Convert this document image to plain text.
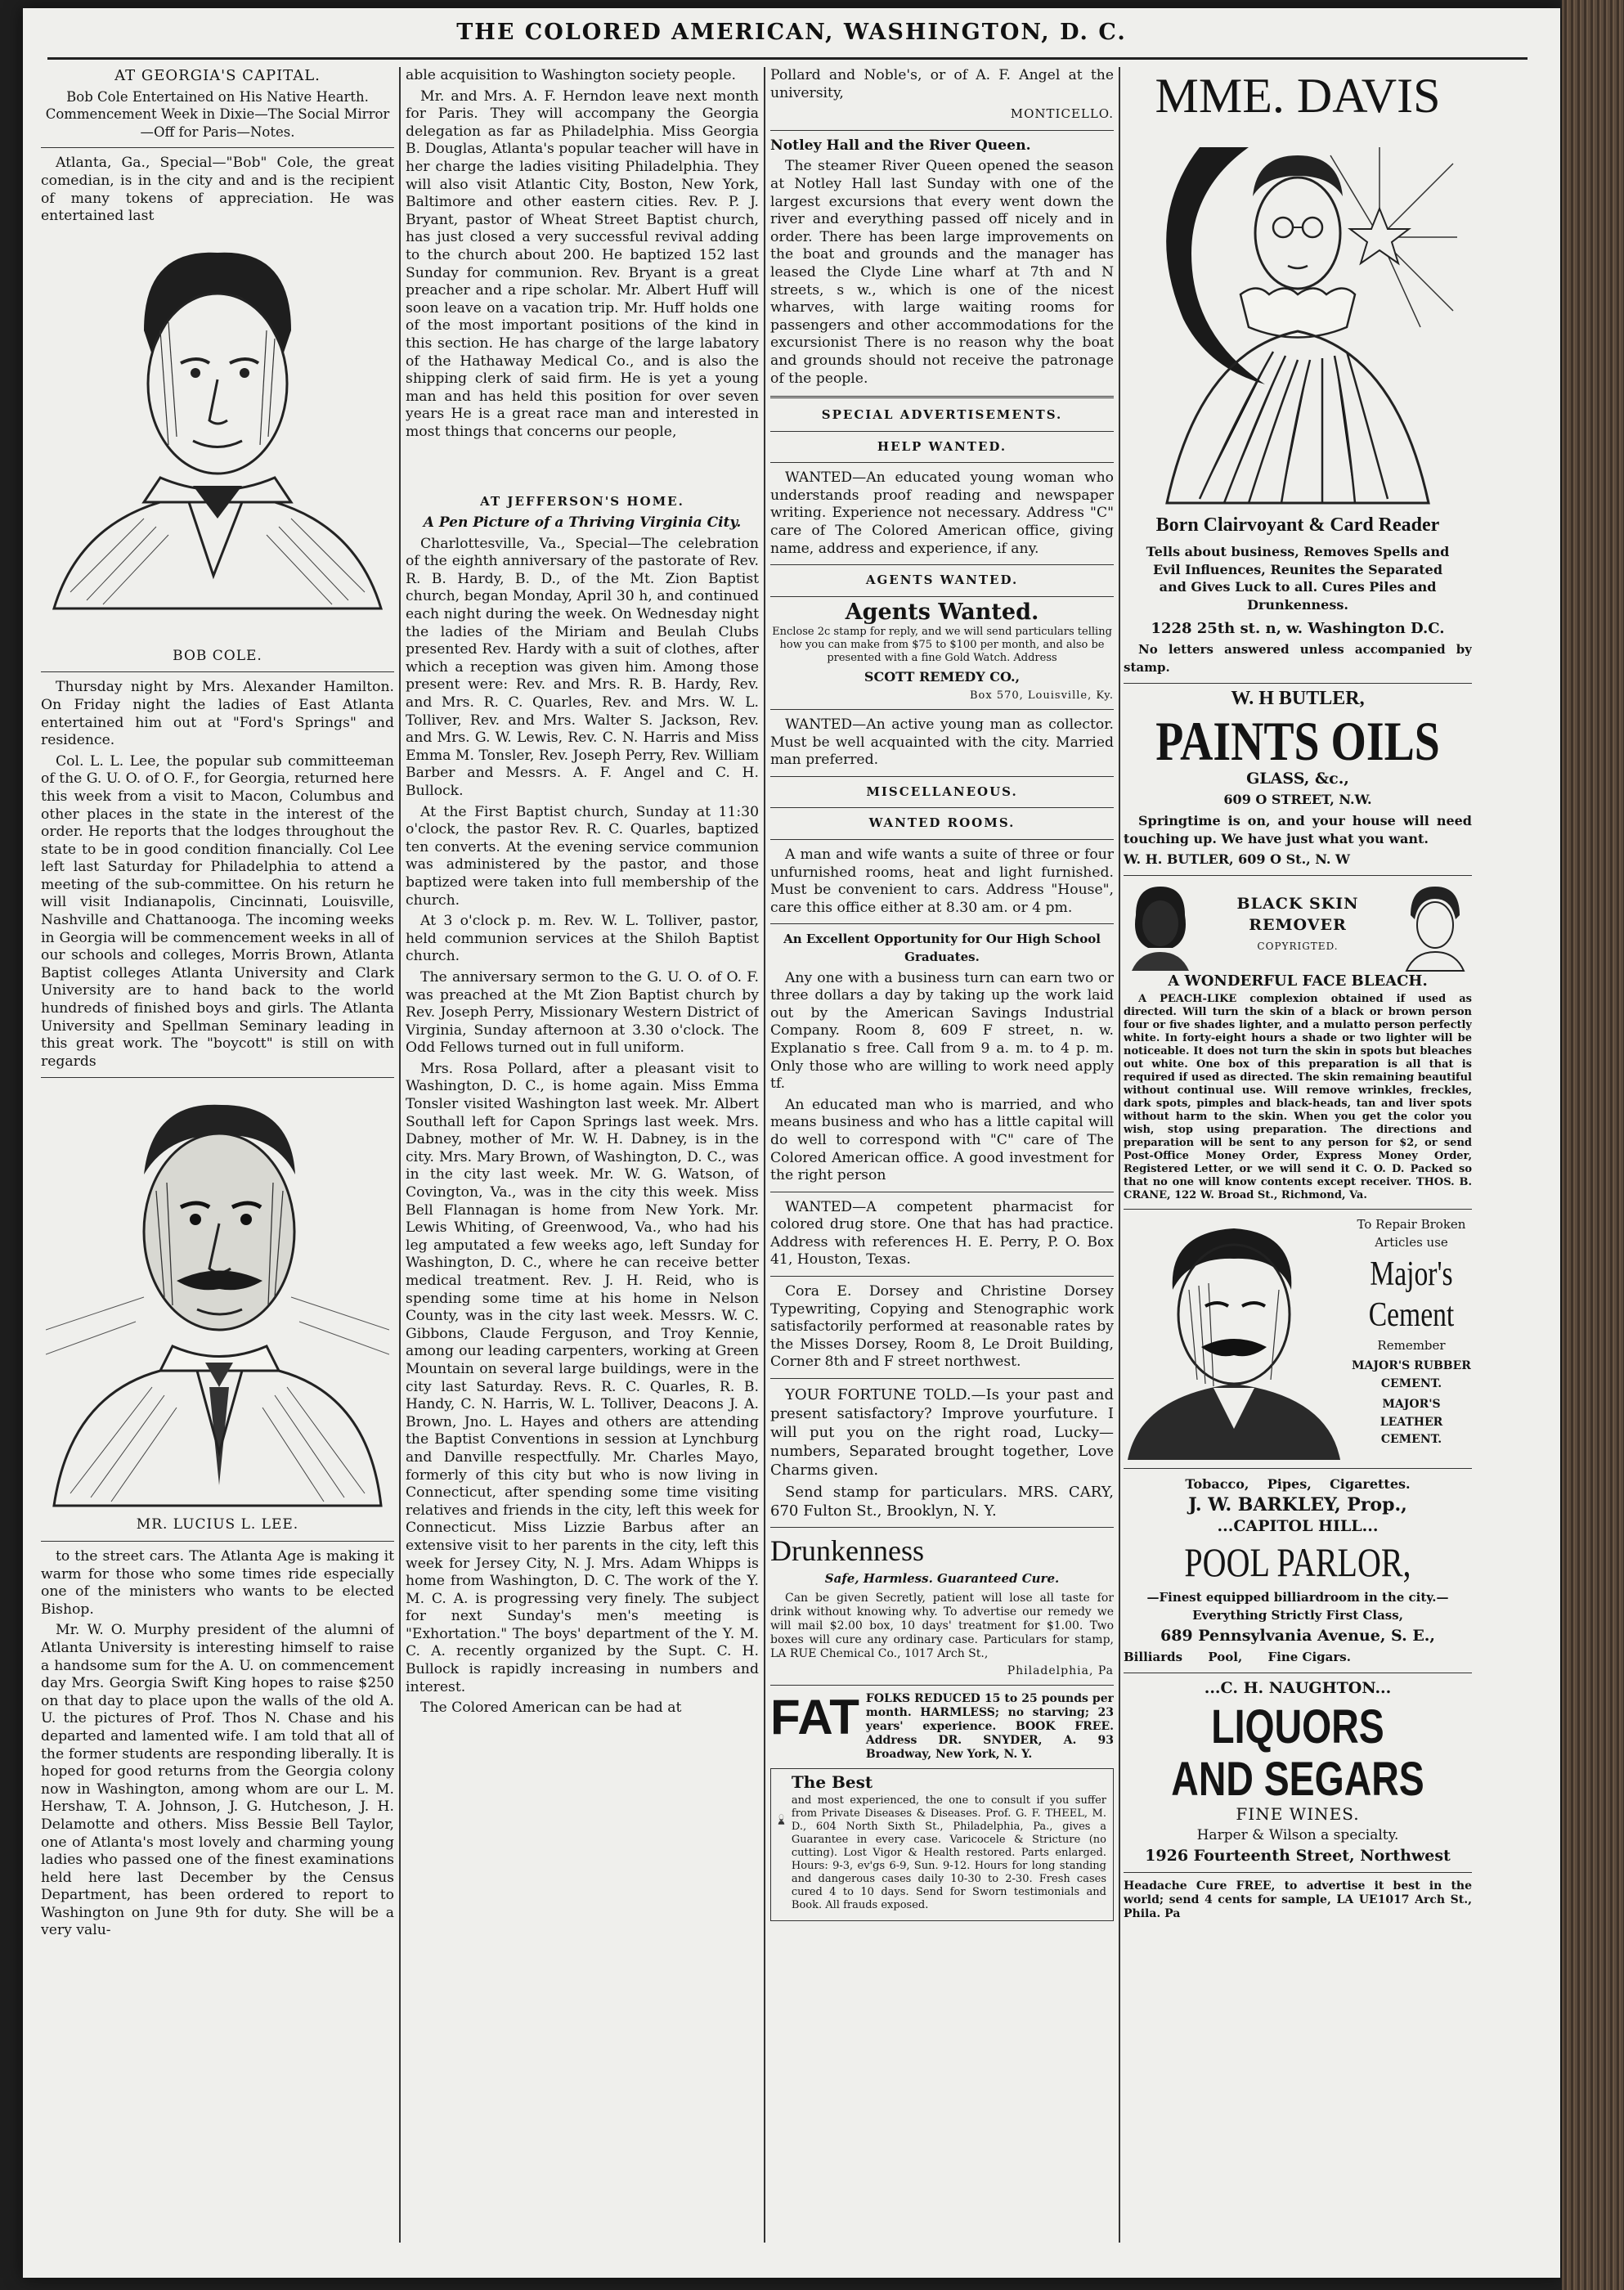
THE COLORED AMERICAN, WASHINGTON, D. C.

AT GEORGIA'S CAPITAL.

Bob Cole Entertained on His Native Hearth. Commencement Week in Dixie—The Social Mirror—Off for Paris—Notes.

Atlanta, Ga., Special—"Bob" Cole, the great comedian, is in the city and and is the recipient of many tokens of appreciation. He was entertained last

BOB COLE.

Thursday night by Mrs. Alexander Hamilton. On Friday night the ladies of East Atlanta entertained him out at "Ford's Springs" and residence.

Col. L. L. Lee, the popular sub committeeman of the G. U. O. of O. F., for Georgia, returned here this week from a visit to Macon, Columbus and other places in the state in the interest of the order. He reports that the lodges throughout the state to be in good condition financially. Col Lee left last Saturday for Philadelphia to attend a meeting of the sub-committee. On his return he will visit Indianapolis, Cincinnati, Louisville, Nashville and Chattanooga. The incoming weeks in Georgia will be commencement weeks in all of our schools and colleges, Morris Brown, Atlanta Baptist colleges Atlanta University and Clark University are to hand back to the world hundreds of finished boys and girls. The Atlanta University and Spellman Seminary leading in this great work. The "boycott" is still on with regards

MR. LUCIUS L. LEE.

to the street cars. The Atlanta Age is making it warm for those who some times ride especially one of the ministers who wants to be elected Bishop.

Mr. W. O. Murphy president of the alumni of Atlanta University is interesting himself to raise a handsome sum for the A. U. on commencement day Mrs. Georgia Swift King hopes to raise $250 on that day to place upon the walls of the old A. U. the pictures of Prof. Thos N. Chase and his departed and lamented wife. I am told that all of the former students are responding liberally. It is hoped for good returns from the Georgia colony now in Washington, among whom are our L. M. Hershaw, T. A. Johnson, J. G. Hutcheson, J. H. Delamotte and others. Miss Bessie Bell Taylor, one of Atlanta's most lovely and charming young ladies who passed one of the finest examinations held here last December by the Census Department, has been ordered to report to Washington on June 9th for duty. She will be a very valu-

able acquisition to Washington society people.

Mr. and Mrs. A. F. Herndon leave next month for Paris. They will accompany the Georgia delegation as far as Philadelphia. Miss Georgia B. Douglas, Atlanta's popular teacher will have in her charge the ladies visiting Philadelphia. They will also visit Atlantic City, Boston, New York, Baltimore and other eastern cities. Rev. P. J. Bryant, pastor of Wheat Street Baptist church, has just closed a very successful revival adding to the church about 200. He baptized 152 last Sunday for communion. Rev. Bryant is a great preacher and a ripe scholar. Mr. Albert Huff will soon leave on a vacation trip. Mr. Huff holds one of the most important positions of the kind in this section. He has charge of the large labatory of the Hathaway Medical Co., and is also the shipping clerk of said firm. He is yet a young man and has held this position for over seven years He is a great race man and interested in most things that concerns our people,

AT JEFFERSON'S HOME.

A Pen Picture of a Thriving Virginia City.

Charlottesville, Va., Special—The celebration of the eighth anniversary of the pastorate of Rev. R. B. Hardy, B. D., of the Mt. Zion Baptist church, began Monday, April 30 h, and continued each night during the week. On Wednesday night the ladies of the Miriam and Beulah Clubs presented Rev. Hardy with a suit of clothes, after which a reception was given him. Among those present were: Rev. and Mrs. R. B. Hardy, Rev. and Mrs. R. C. Quarles, Rev. and Mrs. W. L. Tolliver, Rev. and Mrs. Walter S. Jackson, Rev. and Mrs. G. W. Lewis, Rev. C. N. Harris and Miss Emma M. Tonsler, Rev. Joseph Perry, Rev. William Barber and Messrs. A. F. Angel and C. H. Bullock.

At the First Baptist church, Sunday at 11:30 o'clock, the pastor Rev. R. C. Quarles, baptized ten converts. At the evening service communion was administered by the pastor, and those baptized were taken into full membership of the church.

At 3 o'clock p. m. Rev. W. L. Tolliver, pastor, held communion services at the Shiloh Baptist church.

The anniversary sermon to the G. U. O. of O. F. was preached at the Mt Zion Baptist church by Rev. Joseph Perry, Missionary Western District of Virginia, Sunday afternoon at 3.30 o'clock. The Odd Fellows turned out in full uniform.

Mrs. Rosa Pollard, after a pleasant visit to Washington, D. C., is home again. Miss Emma Tonsler visited Washington last week. Mr. Albert Southall left for Capon Springs last week. Mrs. Dabney, mother of Mr. W. H. Dabney, is in the city. Mrs. Mary Brown, of Washington, D. C., was in the city last week. Mr. W. G. Watson, of Covington, Va., was in the city this week. Miss Bell Flannagan is home from New York. Mr. Lewis Whiting, of Greenwood, Va., who had his leg amputated a few weeks ago, left Sunday for Washington, D. C., where he can receive better medical treatment. Rev. J. H. Reid, who is spending some time at his home in Nelson County, was in the city last week. Messrs. W. C. Gibbons, Claude Ferguson, and Troy Kennie, among our leading carpenters, working at Green Mountain on several large buildings, were in the city last Saturday. Revs. R. C. Quarles, R. B. Handy, C. N. Harris, W. L. Tolliver, Deacons J. A. Brown, Jno. L. Hayes and others are attending the Baptist Conventions in session at Lynchburg and Danville respectfully. Mr. Charles Mayo, formerly of this city but who is now living in Connecticut, after spending some time visiting relatives and friends in the city, left this week for Connecticut. Miss Lizzie Barbus after an extensive visit to her parents in the city, left this week for Jersey City, N. J. Mrs. Adam Whipps is home from Washington, D. C. The work of the Y. M. C. A. is progressing very finely. The subject for next Sunday's men's meeting is "Exhortation." The boys' department of the Y. M. C. A. recently organized by the Supt. C. H. Bullock is rapidly increasing in numbers and interest.

The Colored American can be had at

Pollard and Noble's, or of A. F. Angel at the university,

MONTICELLO.

Notley Hall and the River Queen.

The steamer River Queen opened the season at Notley Hall last Sunday with one of the largest excursions that every went down the river and everything passed off nicely and in order. There has been large improvements on the boat and grounds and the manager has leased the Clyde Line wharf at 7th and N streets, s w., which is one of the nicest wharves, with large waiting rooms for passengers and other accommodations for the excursionist There is no reason why the boat and grounds should not receive the patronage of the people.

SPECIAL ADVERTISEMENTS.

HELP WANTED.

WANTED—An educated young woman who understands proof reading and newspaper writing. Experience not necessary. Address "C" care of The Colored American office, giving name, address and experience, if any.

AGENTS WANTED.

Agents Wanted.

Enclose 2c stamp for reply, and we will send particulars telling how you can make from $75 to $100 per month, and also be presented with a fine Gold Watch. Address

SCOTT REMEDY CO.,

Box 570, Louisville, Ky.

WANTED—An active young man as collector. Must be well acquainted with the city. Married man preferred.

MISCELLANEOUS.

WANTED ROOMS.

A man and wife wants a suite of three or four unfurnished rooms, heat and light furnished. Must be convenient to cars. Address "House", care this office either at 8.30 am. or 4 pm.

An Excellent Opportunity for Our High School Graduates.

Any one with a business turn can earn two or three dollars a day by taking up the work laid out by the American Savings Industrial Company. Room 8, 609 F street, n. w. Explanatio s free. Call from 9 a. m. to 4 p. m. Only those who are willing to work need apply tf.

An educated man who is married, and who means business and who has a little capital will do well to correspond with "C" care of The Colored American office. A good investment for the right person

WANTED—A competent pharmacist for colored drug store. One that has had practice. Address with references H. E. Perry, P. O. Box 41, Houston, Texas.

Cora E. Dorsey and Christine Dorsey Typewriting, Copying and Stenographic work satisfactorily performed at reasonable rates by the Misses Dorsey, Room 8, Le Droit Building, Corner 8th and F street northwest.

YOUR FORTUNE TOLD.—Is your past and present satisfactory? Improve yourfuture. I will put you on the right road, Lucky—numbers, Separated brought together, Love Charms given.

Send stamp for particulars. MRS. CARY, 670 Fulton St., Brooklyn, N. Y.

Drunkenness

Safe, Harmless. Guaranteed Cure.

Can be given Secretly, patient will lose all taste for drink without knowing why. To advertise our remedy we will mail $2.00 box, 10 days' treatment for $1.00. Two boxes will cure any ordinary case. Particulars for stamp, LA RUE Chemical Co., 1017 Arch St.,

Philadelphia, Pa

FAT FOLKS REDUCED 15 to 25 pounds per month. HARMLESS; no starving; 23 years' experience. BOOK FREE. Address DR. SNYDER, A. 93 Broadway, New York, N. Y.

The Best

and most experienced, the one to consult if you suffer from Private Diseases & Diseases. Prof. G. F. THEEL, M. D., 604 North Sixth St., Philadelphia, Pa., gives a Guarantee in every case. Varicocele & Stricture (no cutting). Lost Vigor & Health restored. Parts enlarged. Hours: 9-3, ev'gs 6-9, Sun. 9-12. Hours for long standing and dangerous cases daily 10-30 to 2-30. Fresh cases cured 4 to 10 days. Send for Sworn testimonials and Book. All frauds exposed.

MME. DAVIS

Born Clairvoyant & Card Reader

Tells about business, Removes Spells and Evil Influences, Reunites the Separated and Gives Luck to all. Cures Piles and Drunkenness.

1228 25th st. n, w. Washington D.C.

No letters answered unless accompanied by stamp.

W. H BUTLER,

PAINTS OILS

GLASS, &c.,

609 O STREET, N.W.

Springtime is on, and your house will need touching up. We have just what you want.

W. H. BUTLER, 609 O St., N. W

BLACK SKIN

REMOVER

COPYRIGTED.

A WONDERFUL FACE BLEACH.

A PEACH-LIKE complexion obtained if used as directed. Will turn the skin of a black or brown person four or five shades lighter, and a mulatto person perfectly white. In forty-eight hours a shade or two lighter will be noticeable. It does not turn the skin in spots but bleaches out white. One box of this preparation is all that is required if used as directed. The skin remaining beautiful without continual use. Will remove wrinkles, freckles, dark spots, pimples and black-heads, tan and liver spots without harm to the skin. When you get the color you wish, stop using preparation. The directions and preparation will be sent to any person for $2, or send Post-Office Money Order, Express Money Order, Registered Letter, or we will send it C. O. D. Packed so that no one will know contents except receiver. THOS. B. CRANE, 122 W. Broad St., Richmond, Va.

To Repair Broken Articles use

Major's

Cement

Remember

MAJOR'S RUBBER CEMENT.

MAJOR'S LEATHER CEMENT.

Tobacco,    Pipes,    Cigarettes.

J. W. BARKLEY, Prop.,

...CAPITOL HILL...

POOL PARLOR,

—Finest equipped billiardroom in the city.— Everything Strictly First Class,

689 Pennsylvania Avenue, S. E.,

Billiards      Pool,      Fine Cigars.

...C. H. NAUGHTON...

LIQUORS

AND SEGARS

FINE WINES.

Harper & Wilson a specialty.

1926 Fourteenth Street, Northwest

Headache Cure FREE, to advertise it best in the world; send 4 cents for sample, LA UE1017 Arch St., Phila. Pa
